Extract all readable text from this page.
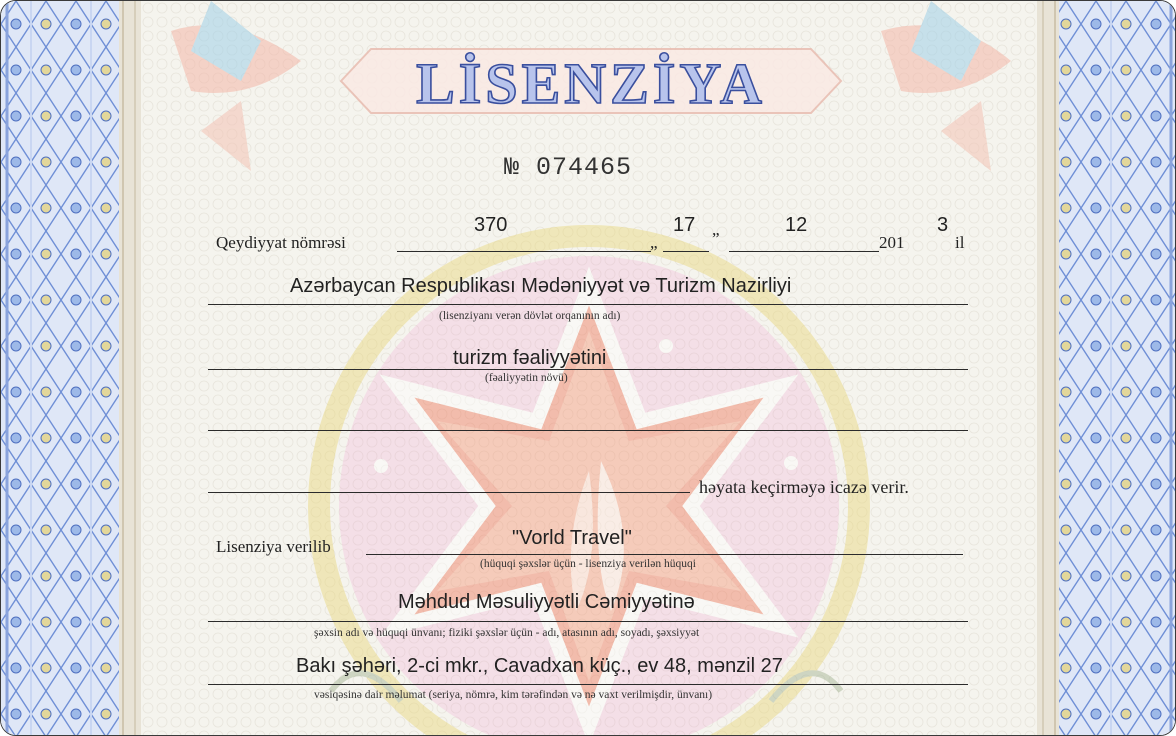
LİSENZİYA
№ 074465
Qeydiyyat nömrəsi
370
„
17
”
12
201
3
il
Azərbaycan Respublikası Mədəniyyət və Turizm Nazirliyi
(lisenziyanı verən dövlət orqanının adı)
turizm fəaliyyətini
(fəaliyyətin növü)
həyata keçirməyə icazə verir.
Lisenziya verilib	"Vorld Travel"
(hüquqi şəxslər üçün - lisenziya verilən hüquqi
Məhdud Məsuliyyətli Cəmiyyətinə
şəxsin adı və hüquqi ünvanı; fiziki şəxslər üçün - adı, atasının adı, soyadı, şəxsiyyət
Bakı şəhəri, 2-ci mkr., Cavadxan küç., ev 48, mənzil 27
vəsiqəsinə dair məlumat (seriya, nömrə, kim tərəfindən və nə vaxt verilmişdir, ünvanı)
